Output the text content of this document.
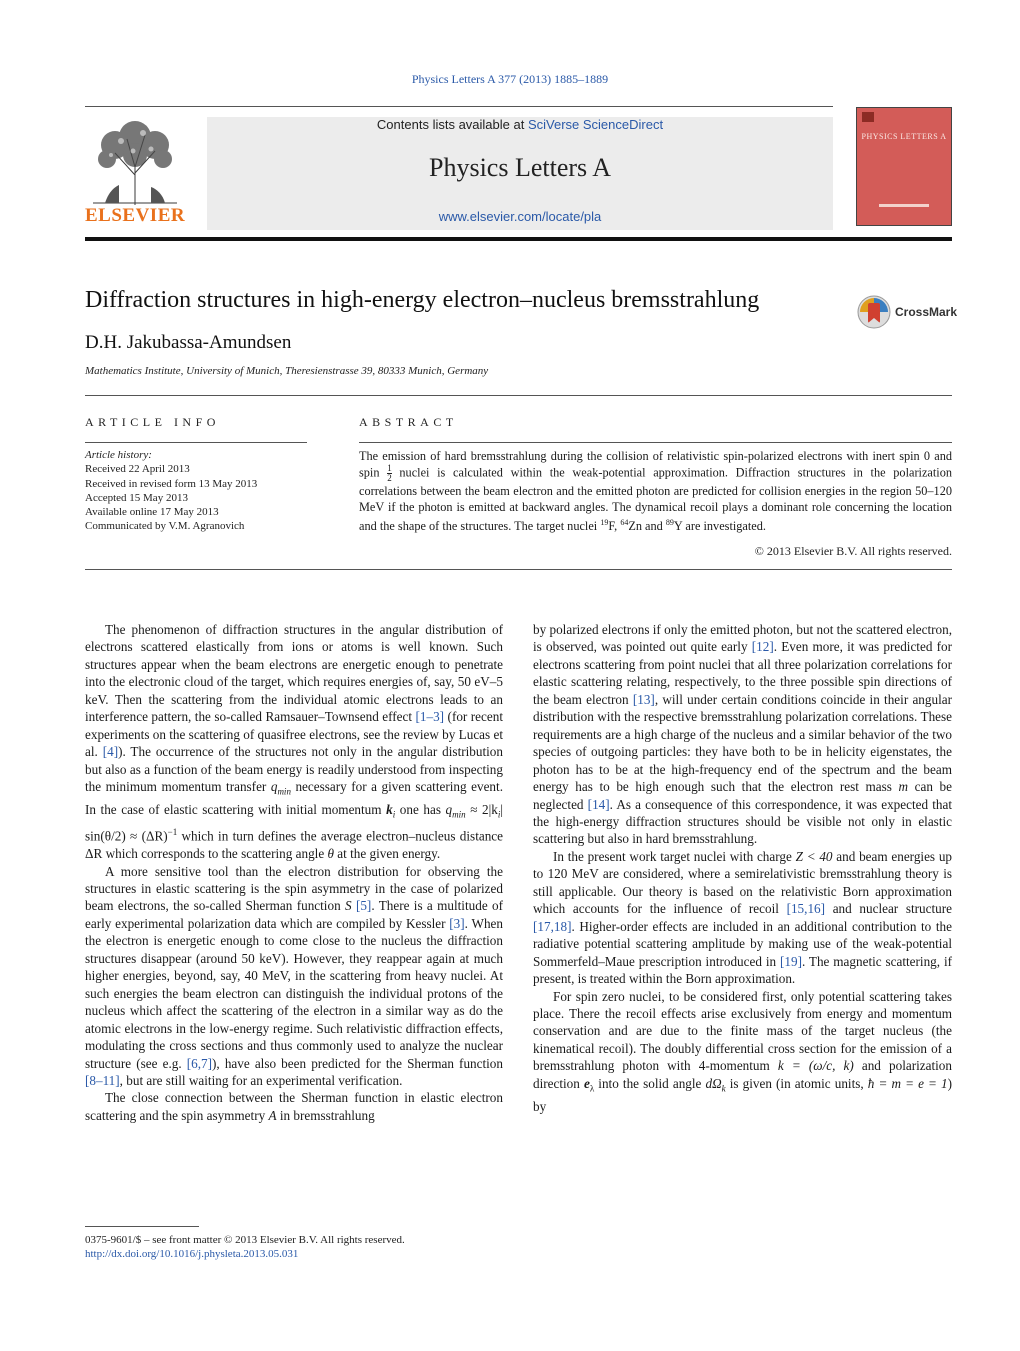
Physics Letters A 377 (2013) 1885–1889
ELSEVIER
Contents lists available at SciVerse ScienceDirect
Physics Letters A
www.elsevier.com/locate/pla
PHYSICS LETTERS A
Diffraction structures in high-energy electron–nucleus bremsstrahlung	CrossMark
D.H. Jakubassa-Amundsen
Mathematics Institute, University of Munich, Theresienstrasse 39, 80333 Munich, Germany
ARTICLE INFO	ABSTRACT
Article history:
Received 22 April 2013
Received in revised form 13 May 2013
Accepted 15 May 2013
Available online 17 May 2013
Communicated by V.M. Agranovich
The emission of hard bremsstrahlung during the collision of relativistic spin-polarized electrons with inert spin 0 and spin $\frac{1}{2}$ nuclei is calculated within the weak-potential approximation. Diffraction structures in the polarization correlations between the beam electron and the emitted photon are predicted for collision energies in the region 50–120 MeV if the photon is emitted at backward angles. The dynamical recoil plays a dominant role concerning the location and the shape of the structures. The target nuclei $^{19}$F, $^{64}$Zn and $^{89}$Y are investigated.
© 2013 Elsevier B.V. All rights reserved.

The phenomenon of diffraction structures in the angular distribution of electrons scattered elastically from ions or atoms is well known. Such structures appear when the beam electrons are energetic enough to penetrate into the electronic cloud of the target, which requires energies of, say, 50 eV–5 keV. Then the scattering from the individual atomic electrons leads to an interference pattern, the so-called Ramsauer–Townsend effect [1–3] (for recent experiments on the scattering of quasifree electrons, see the review by Lucas et al. [4]). The occurrence of the structures not only in the angular distribution but also as a function of the beam energy is readily understood from inspecting the minimum momentum transfer $q_{min}$ necessary for a given scattering event. In the case of elastic scattering with initial momentum $k_i$ one has $q_{min} \approx 2|k_i|$ $\sin(\theta/2) \approx (\Delta R)^{-1}$ which in turn defines the average electron–nucleus distance ΔR which corresponds to the scattering angle θ at the given energy.

A more sensitive tool than the electron distribution for observing the structures in elastic scattering is the spin asymmetry in the case of polarized beam electrons, the so-called Sherman function S [5]. There is a multitude of early experimental polarization data which are compiled by Kessler [3]. When the electron is energetic enough to come close to the nucleus the diffraction structures disappear (around 50 keV). However, they reappear again at much higher energies, beyond, say, 40 MeV, in the scattering from heavy nuclei. At such energies the beam electron can distinguish the individual protons of the nucleus which affect the scattering of the electron in a similar way as do the atomic electrons in the low-energy regime. Such relativistic diffraction effects, modulating the cross sections and thus commonly used to analyze the nuclear structure (see e.g. [6,7]), have also been predicted for the Sherman function [8–11], but are still waiting for an experimental verification.

The close connection between the Sherman function in elastic electron scattering and the spin asymmetry A in bremsstrahlung

by polarized electrons if only the emitted photon, but not the scattered electron, is observed, was pointed out quite early [12]. Even more, it was predicted for electrons scattering from point nuclei that all three polarization correlations for elastic scattering relating, respectively, to the three possible spin directions of the beam electron [13], will under certain conditions coincide in their angular distribution with the respective bremsstrahlung polarization correlations. These requirements are a high charge of the nucleus and a similar behavior of the two species of outgoing particles: they have both to be in helicity eigenstates, the photon has to be at the high-frequency end of the spectrum and the beam energy has to be high enough such that the electron rest mass m can be neglected [14]. As a consequence of this correspondence, it was expected that the high-energy diffraction structures should be visible not only in elastic scattering but also in hard bremsstrahlung.

In the present work target nuclei with charge Z < 40 and beam energies up to 120 MeV are considered, where a semirelativistic bremsstrahlung theory is still applicable. Our theory is based on the relativistic Born approximation which accounts for the influence of recoil [15,16] and nuclear structure [17,18]. Higher-order effects are included in an additional contribution to the radiative potential scattering amplitude by making use of the weak-potential Sommerfeld–Maue prescription introduced in [19]. The magnetic scattering, if present, is treated within the Born approximation.

For spin zero nuclei, to be considered first, only potential scattering takes place. There the recoil effects arise exclusively from energy and momentum conservation and are due to the finite mass of the target nucleus (the kinematical recoil). The doubly differential cross section for the emission of a bremsstrahlung photon with 4-momentum k = (ω/c, k) and polarization direction $e_\lambda$ into the solid angle $d\Omega_k$ is given (in atomic units, ħ = m = e = 1) by

0375-9601/$ – see front matter © 2013 Elsevier B.V. All rights reserved.
http://dx.doi.org/10.1016/j.physleta.2013.05.031
